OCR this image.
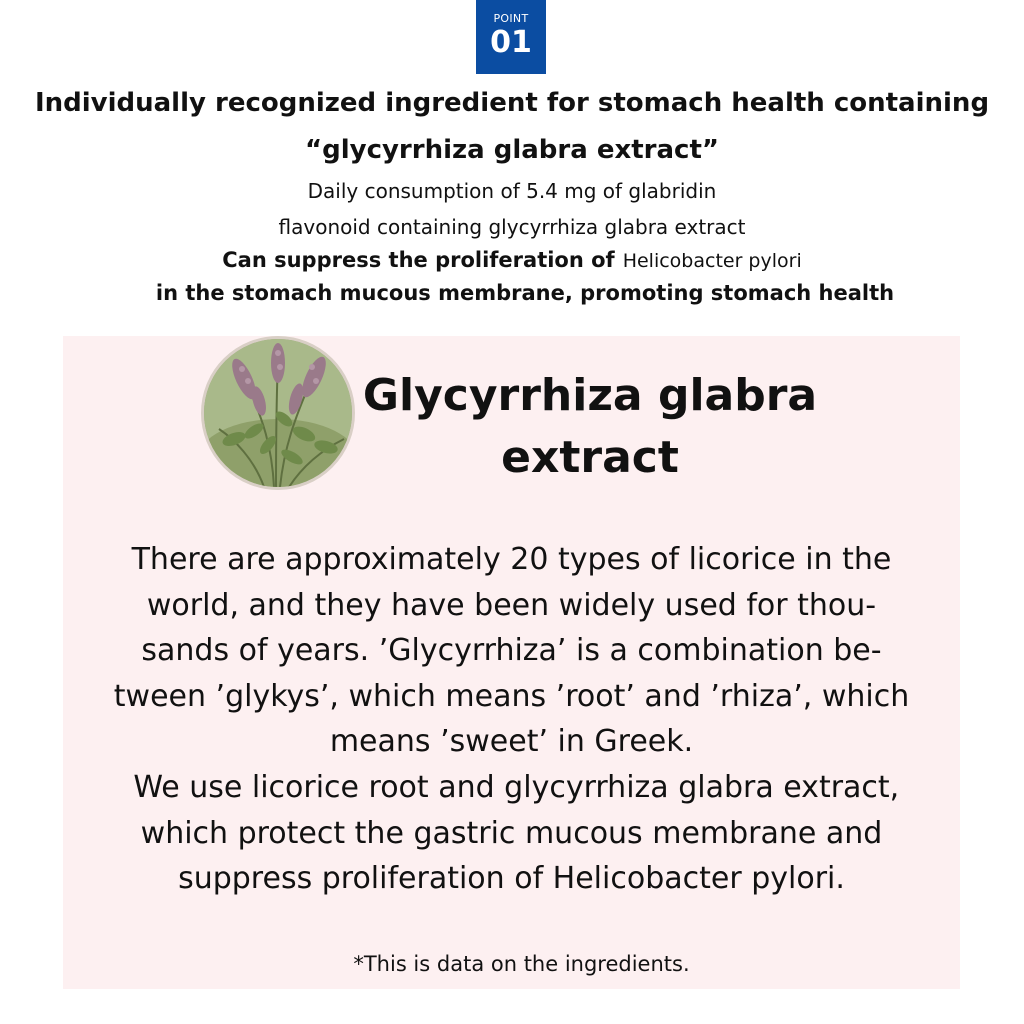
POINT
01
Individually recognized ingredient for stomach health containing
“glycyrrhiza glabra extract”
Daily consumption of 5.4 mg of glabridin
flavonoid containing glycyrrhiza glabra extract
Can suppress the proliferation of Helicobacter pylori
in the stomach mucous membrane, promoting stomach health
Glycyrrhiza glabra
extract
There are approximately 20 types of licorice in the
world, and they have been widely used for thou-
sands of years. ’Glycyrrhiza’ is a combination be-
tween ’glykys’, which means ’root’ and ’rhiza’, which
means ’sweet’ in Greek.
We use licorice root and glycyrrhiza glabra extract,
which protect the gastric mucous membrane and
suppress proliferation of Helicobacter pylori.
*This is data on the ingredients.
